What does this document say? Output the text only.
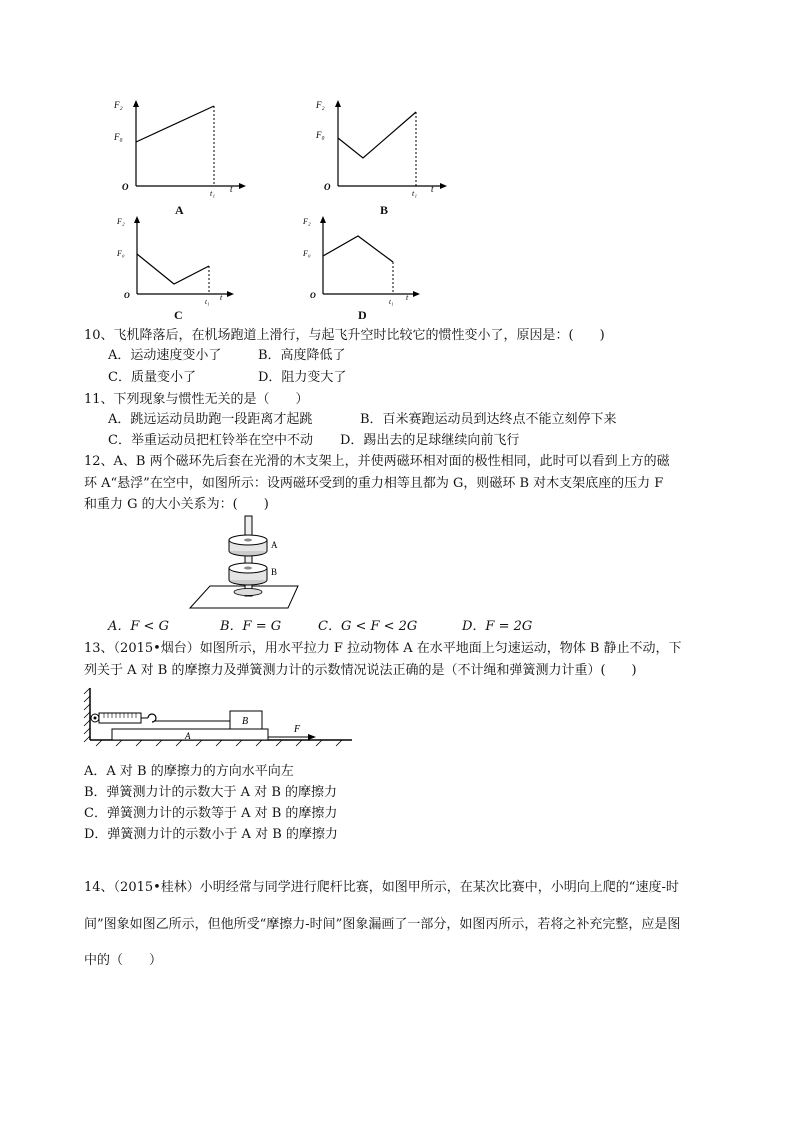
F₂
F₀
O
t₁ t
A
F₂
F₀
O
t₁ t
B
F₂
F₀
O
t₁ t
C
F₂
F₀
O
t₁ t
D
10、飞机降落后，在机场跑道上滑行，与起飞升空时比较它的惯性变小了，原因是：(　　)
A．运动速度变小了	B．高度降低了
C．质量变小了	D．阻力变大了
11、下列现象与惯性无关的是（　　）
A．跳远运动员助跑一段距离才起跳	B．百米赛跑运动员到达终点不能立刻停下来
C．举重运动员把杠铃举在空中不动 D．踢出去的足球继续向前飞行
12、A、B 两个磁环先后套在光滑的木支架上，并使两磁环相对面的极性相同，此时可以看到上方的磁
环 A“悬浮”在空中，如图所示：设两磁环受到的重力相等且都为 G，则磁环 B 对木支架底座的压力 F
和重力 G 的大小关系为：(　　)
A
B
A．F < G	B．F = G	C．G < F < 2G	D．F = 2G
13、（2015•烟台）如图所示，用水平拉力 F 拉动物体 A 在水平地面上匀速运动，物体 B 静止不动，下
列关于 A 对 B 的摩擦力及弹簧测力计的示数情况说法正确的是（不计绳和弹簧测力计重）(　　)
B
A
F
A．A 对 B 的摩擦力的方向水平向左
B．弹簧测力计的示数大于 A 对 B 的摩擦力
C．弹簧测力计的示数等于 A 对 B 的摩擦力
D．弹簧测力计的示数小于 A 对 B 的摩擦力
14、（2015•桂林）小明经常与同学进行爬杆比赛，如图甲所示，在某次比赛中，小明向上爬的“速度-时
间”图象如图乙所示，但他所受“摩擦力-时间”图象漏画了一部分，如图丙所示，若将之补充完整，应是图
中的（　　）
